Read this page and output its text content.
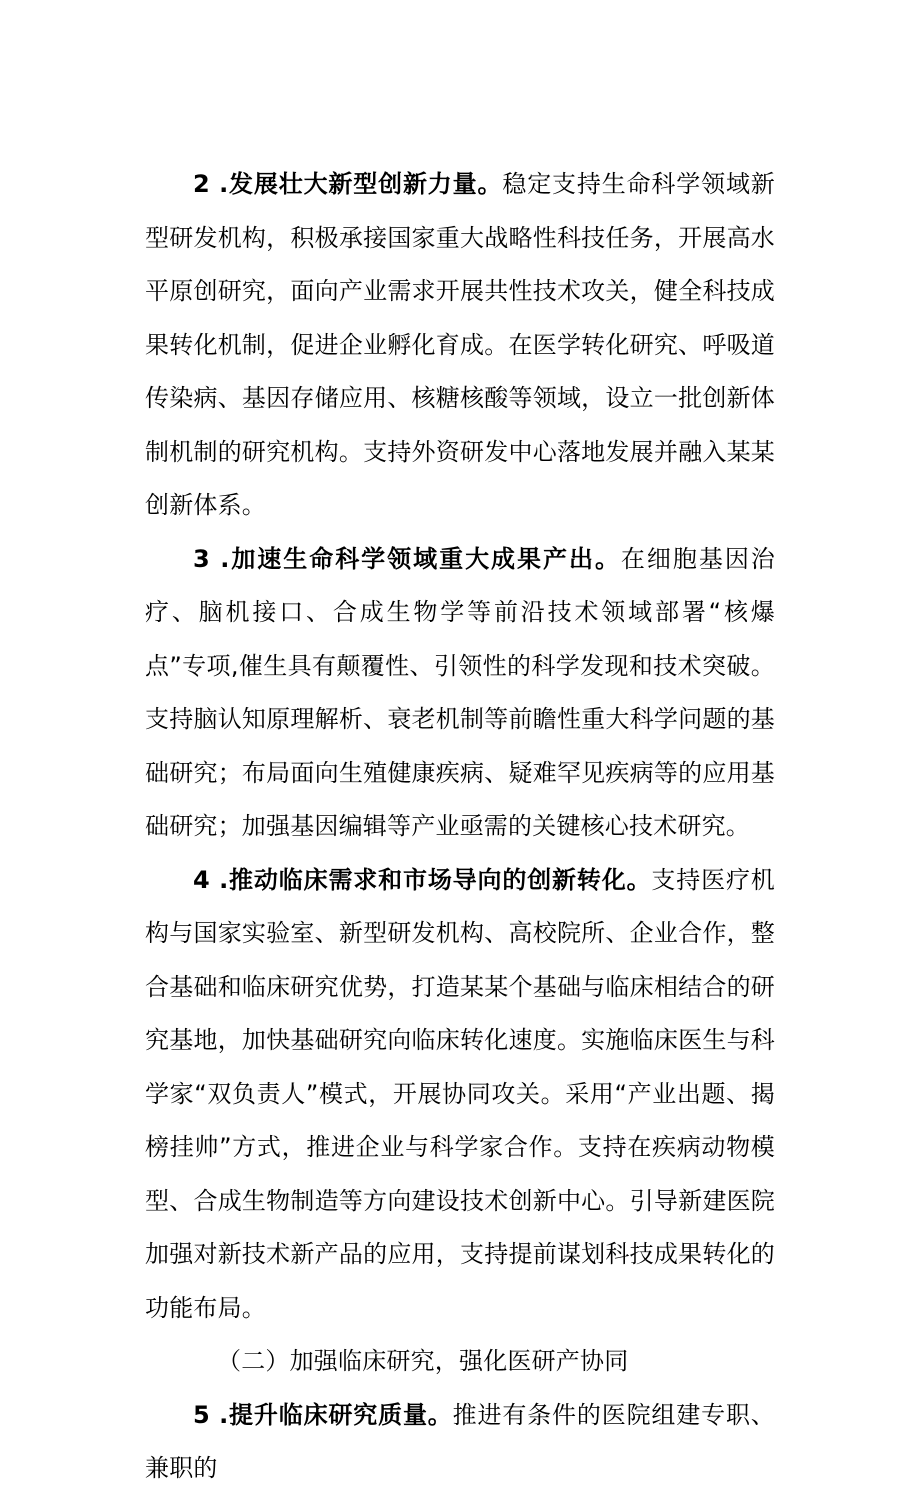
2 .发展壮大新型创新力量。稳定支持生命科学领域新型研发机构，积极承接国家重大战略性科技任务，开展高水平原创研究，面向产业需求开展共性技术攻关，健全科技成果转化机制，促进企业孵化育成。在医学转化研究、呼吸道传染病、基因存储应用、核糖核酸等领域，设立一批创新体制机制的研究机构。支持外资研发中心落地发展并融入某某创新体系。

3 .加速生命科学领域重大成果产出。在细胞基因治疗、脑机接口、合成生物学等前沿技术领域部署“核爆点”专项,催生具有颠覆性、引领性的科学发现和技术突破。支持脑认知原理解析、衰老机制等前瞻性重大科学问题的基础研究；布局面向生殖健康疾病、疑难罕见疾病等的应用基础研究；加强基因编辑等产业亟需的关键核心技术研究。

4 .推动临床需求和市场导向的创新转化。支持医疗机构与国家实验室、新型研发机构、高校院所、企业合作，整合基础和临床研究优势，打造某某个基础与临床相结合的研究基地，加快基础研究向临床转化速度。实施临床医生与科学家“双负责人”模式，开展协同攻关。采用“产业出题、揭榜挂帅”方式，推进企业与科学家合作。支持在疾病动物模型、合成生物制造等方向建设技术创新中心。引导新建医院加强对新技术新产品的应用，支持提前谋划科技成果转化的功能布局。

（二）加强临床研究，强化医研产协同

5 .提升临床研究质量。推进有条件的医院组建专职、兼职的
